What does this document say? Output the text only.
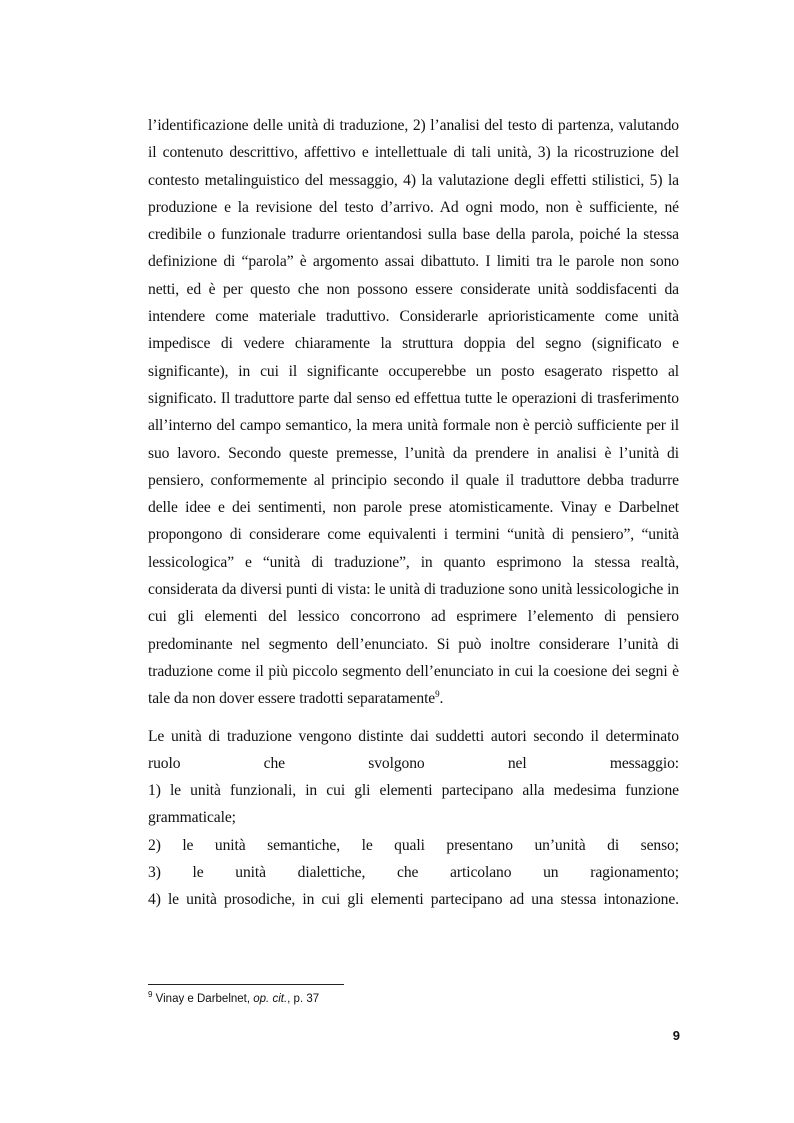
l’identificazione delle unità di traduzione, 2) l’analisi del testo di partenza, valutando il contenuto descrittivo, affettivo e intellettuale di tali unità, 3) la ricostruzione del contesto metalinguistico del messaggio, 4) la valutazione degli effetti stilistici, 5) la produzione e la revisione del testo d’arrivo. Ad ogni modo, non è sufficiente, né credibile o funzionale tradurre orientandosi sulla base della parola, poiché la stessa definizione di “parola” è argomento assai dibattuto. I limiti tra le parole non sono netti, ed è per questo che non possono essere considerate unità soddisfacenti da intendere come materiale traduttivo. Considerarle aprioristicamente come unità impedisce di vedere chiaramente la struttura doppia del segno (significato e significante), in cui il significante occuperebbe un posto esagerato rispetto al significato. Il traduttore parte dal senso ed effettua tutte le operazioni di trasferimento all’interno del campo semantico, la mera unità formale non è perciò sufficiente per il suo lavoro. Secondo queste premesse, l’unità da prendere in analisi è l’unità di pensiero, conformemente al principio secondo il quale il traduttore debba tradurre delle idee e dei sentimenti, non parole prese atomisticamente. Vinay e Darbelnet propongono di considerare come equivalenti i termini “unità di pensiero”, “unità lessicologica” e “unità di traduzione”, in quanto esprimono la stessa realtà, considerata da diversi punti di vista: le unità di traduzione sono unità lessicologiche in cui gli elementi del lessico concorrono ad esprimere l’elemento di pensiero predominante nel segmento dell’enunciato. Si può inoltre considerare l’unità di traduzione come il più piccolo segmento dell’enunciato in cui la coesione dei segni è tale da non dover essere tradotti separatamente$^9$.

Le unità di traduzione vengono distinte dai suddetti autori secondo il determinato
ruolo che svolgono nel messaggio:
1) le unità funzionali, in cui gli elementi partecipano alla medesima funzione grammaticale;
2) le unità semantiche, le quali presentano un’unità di senso;
3) le unità dialettiche, che articolano un ragionamento;
4) le unità prosodiche, in cui gli elementi partecipano ad una stessa intonazione.

$^9$ Vinay e Darbelnet, op. cit., p. 37
9
